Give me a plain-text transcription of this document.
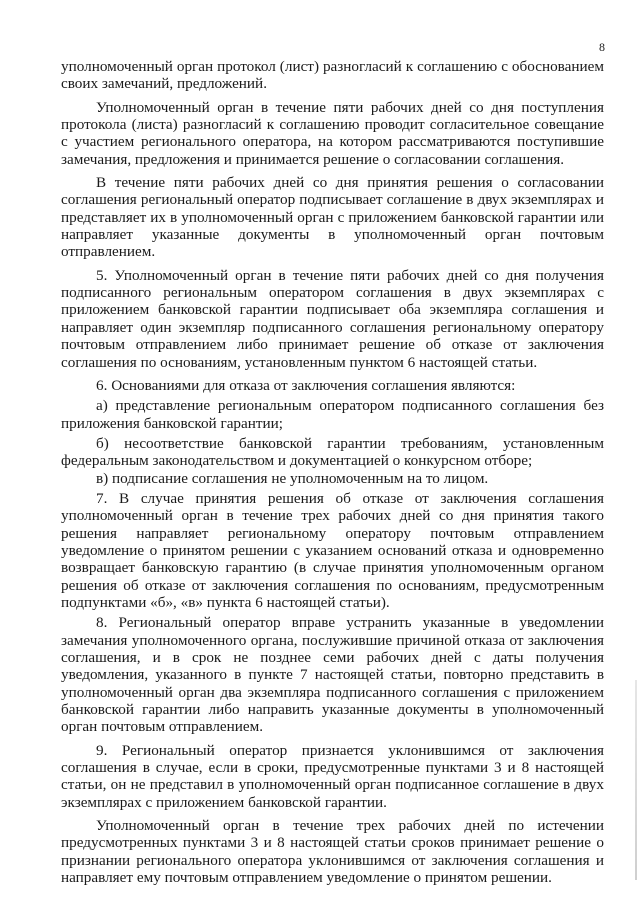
8

уполномоченный орган протокол (лист) разногласий к соглашению с обоснованием своих замечаний, предложений.

Уполномоченный орган в течение пяти рабочих дней со дня поступления протокола (листа) разногласий к соглашению проводит согласительное совещание с участием регионального оператора, на котором рассматриваются поступившие замечания, предложения и принимается решение о согласовании соглашения.

В течение пяти рабочих дней со дня принятия решения о согласовании соглашения региональный оператор подписывает соглашение в двух экземплярах и представляет их в уполномоченный орган с приложением банковской гарантии или направляет указанные документы в уполномоченный орган почтовым отправлением.

5. Уполномоченный орган в течение пяти рабочих дней со дня получения подписанного региональным оператором соглашения в двух экземплярах с приложением банковской гарантии подписывает оба экземпляра соглашения и направляет один экземпляр подписанного соглашения региональному оператору почтовым отправлением либо принимает решение об отказе от заключения соглашения по основаниям, установленным пунктом 6 настоящей статьи.

6. Основаниями для отказа от заключения соглашения являются:

а) представление региональным оператором подписанного соглашения без приложения банковской гарантии;

б) несоответствие банковской гарантии требованиям, установленным федеральным законодательством и документацией о конкурсном отборе;

в) подписание соглашения не уполномоченным на то лицом.

7. В случае принятия решения об отказе от заключения соглашения уполномоченный орган в течение трех рабочих дней со дня принятия такого решения направляет региональному оператору почтовым отправлением уведомление о принятом решении с указанием оснований отказа и одновременно возвращает банковскую гарантию (в случае принятия уполномоченным органом решения об отказе от заключения соглашения по основаниям, предусмотренным подпунктами «б», «в» пункта 6 настоящей статьи).

8. Региональный оператор вправе устранить указанные в уведомлении замечания уполномоченного органа, послужившие причиной отказа от заключения соглашения, и в срок не позднее семи рабочих дней с даты получения уведомления, указанного в пункте 7 настоящей статьи, повторно представить в уполномоченный орган два экземпляра подписанного соглашения с приложением банковской гарантии либо направить указанные документы в уполномоченный орган почтовым отправлением.

9. Региональный оператор признается уклонившимся от заключения соглашения в случае, если в сроки, предусмотренные пунктами 3 и 8 настоящей статьи, он не представил в уполномоченный орган подписанное соглашение в двух экземплярах с приложением банковской гарантии.

Уполномоченный орган в течение трех рабочих дней по истечении предусмотренных пунктами 3 и 8 настоящей статьи сроков принимает решение о признании регионального оператора уклонившимся от заключения соглашения и направляет ему почтовым отправлением уведомление о принятом решении.
